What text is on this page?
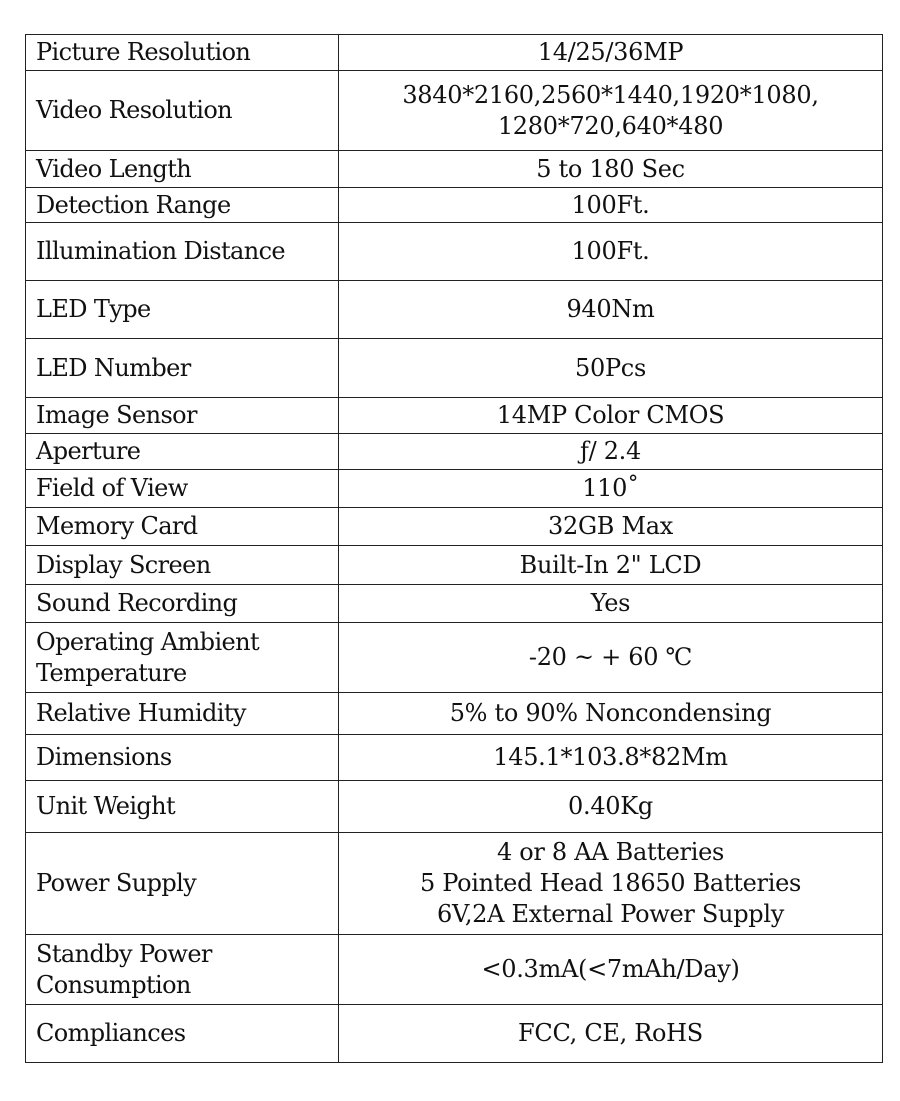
Picture Resolution	14/25/36MP

Video Resolution	3840*2160,2560*1440,1920*1080,
1280*720,640*480

Video Length	5 to 180 Sec

Detection Range	100Ft.

Illumination Distance	100Ft.

LED Type	940Nm

LED Number	50Pcs

Image Sensor	14MP Color CMOS

Aperture	ƒ/ 2.4

Field of View	110˚

Memory Card	32GB Max

Display Screen	Built-In 2" LCD

Sound Recording	Yes

Operating Ambient
Temperature	-20 ~ + 60 ℃

Relative Humidity	5% to 90% Noncondensing

Dimensions	145.1*103.8*82Mm

Unit Weight	0.40Kg

Power Supply	4 or 8 AA Batteries
5 Pointed Head 18650 Batteries
6V,2A External Power Supply

Standby Power
Consumption	<0.3mA(<7mAh/Day)

Compliances	FCC, CE, RoHS
